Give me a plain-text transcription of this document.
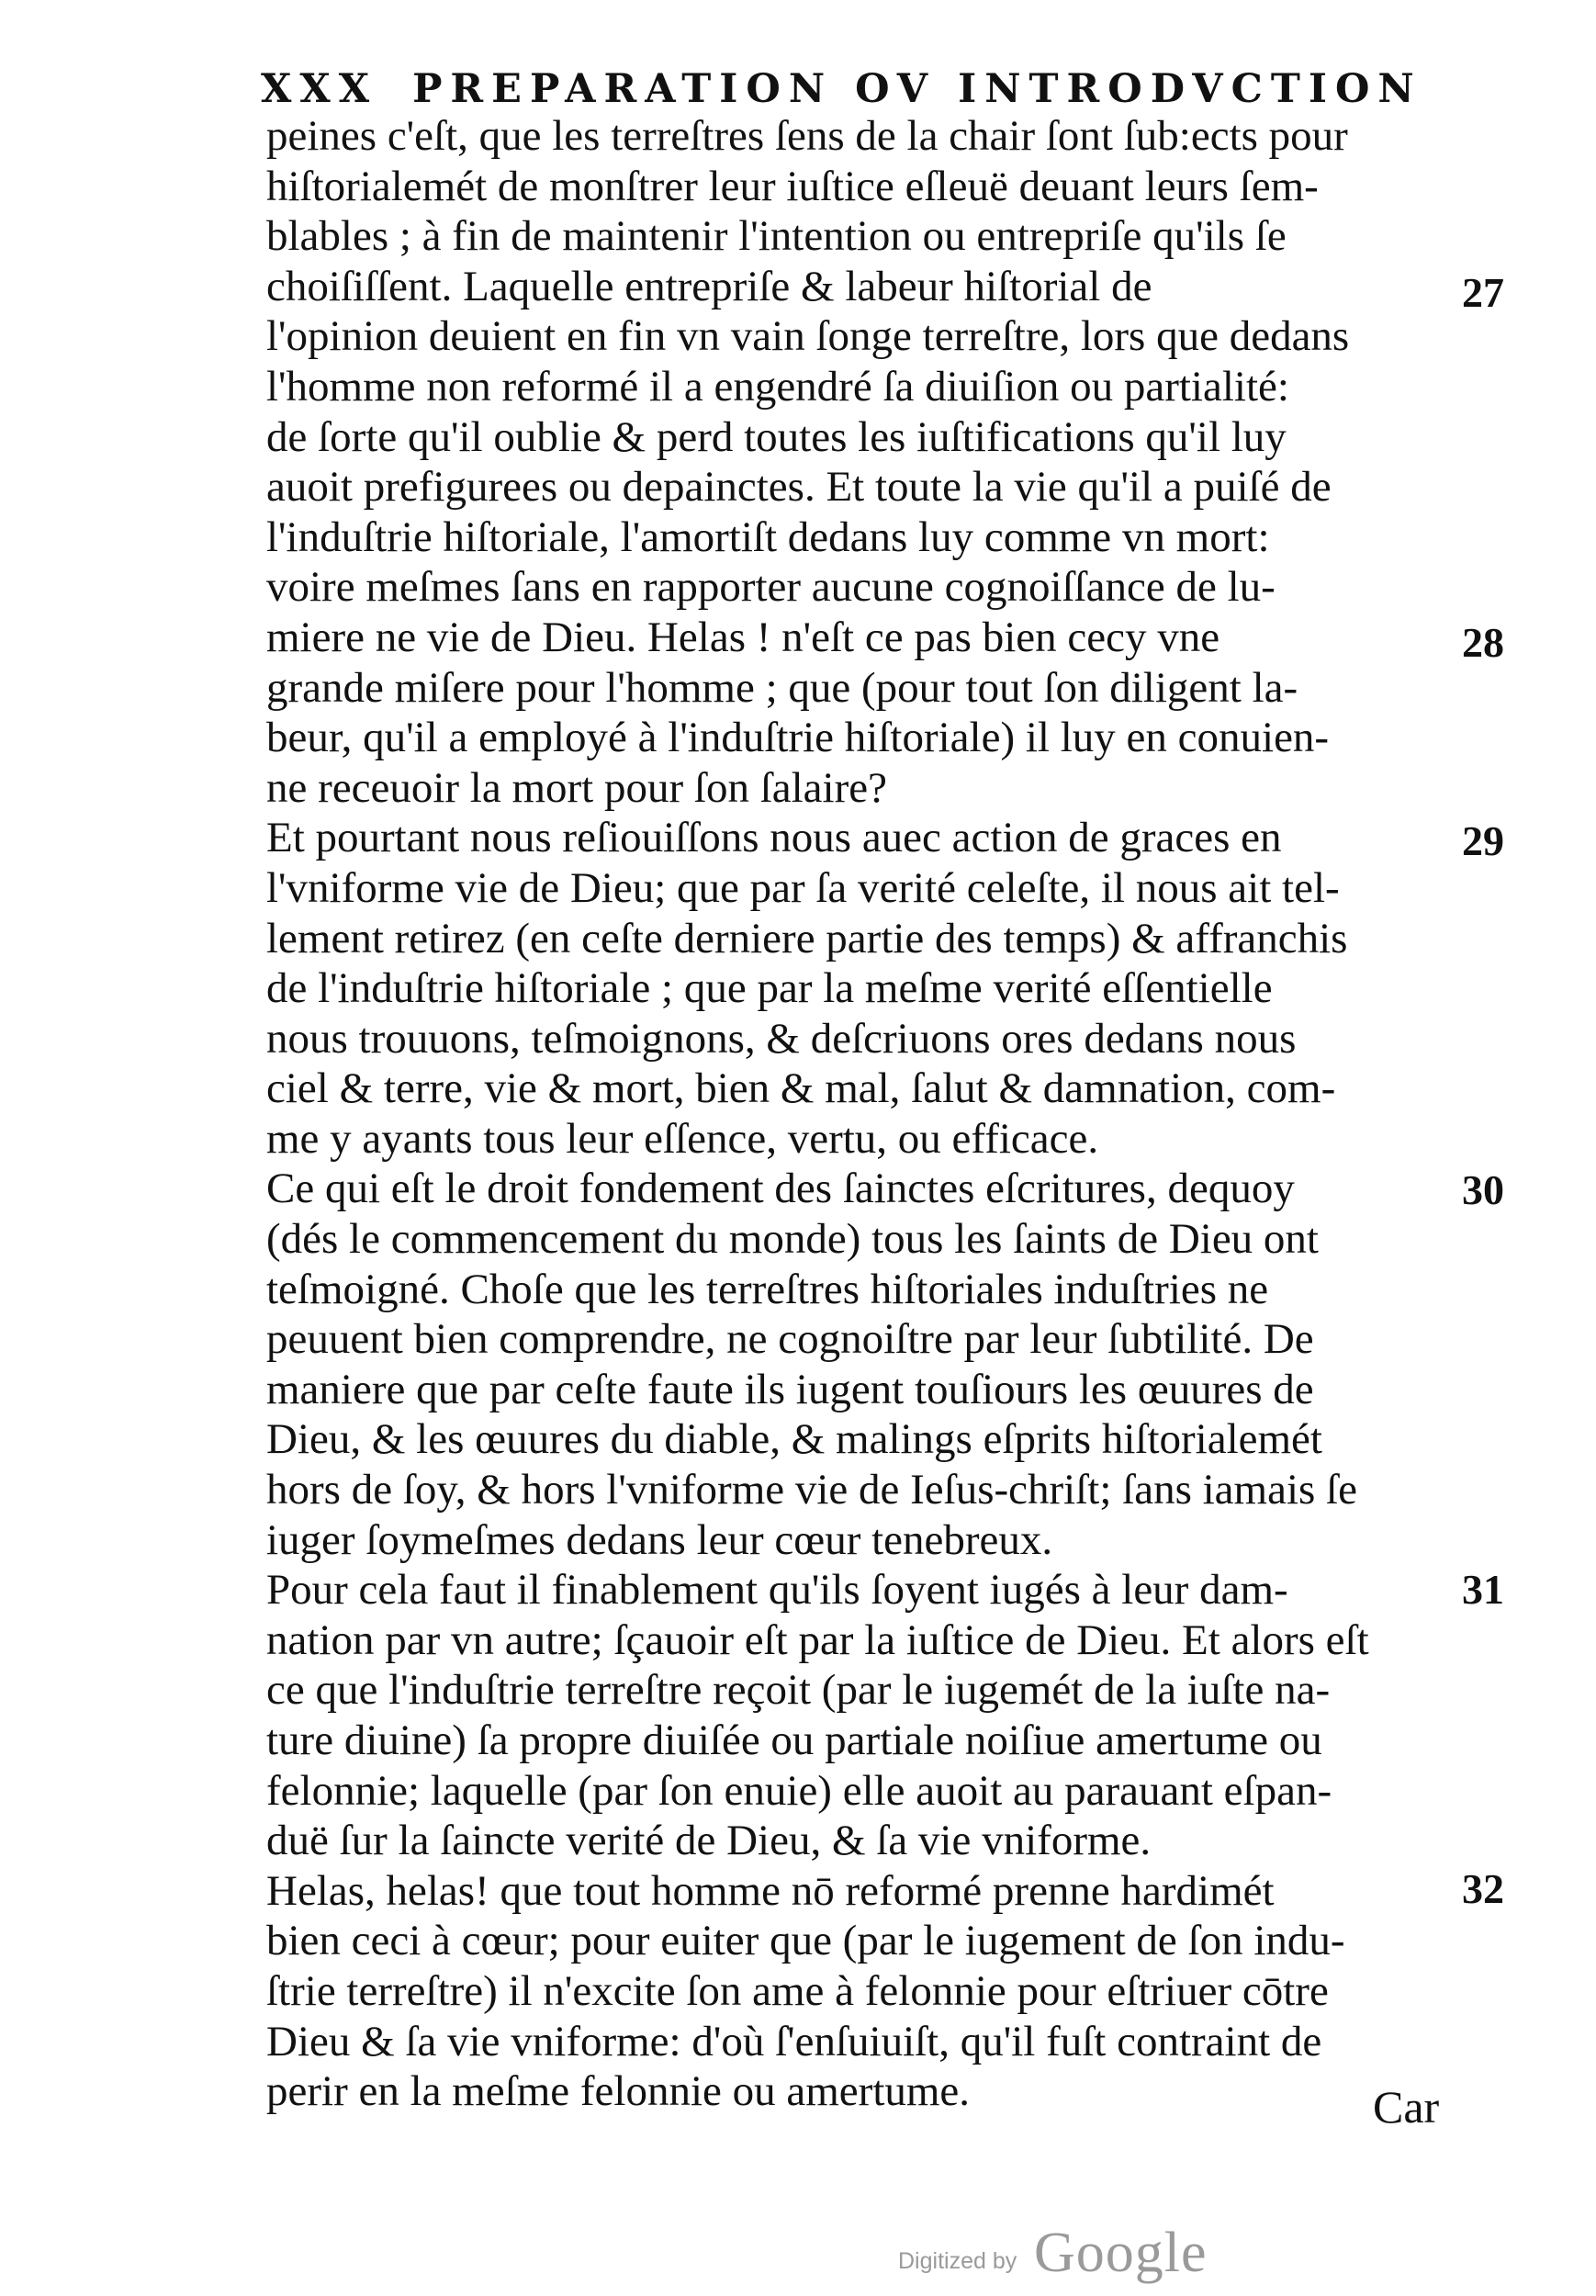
XXX PREPARATION OV INTRODVCTION
peines c'eſt, que les terreſtres ſens de la chair ſont ſub:ects pour
hiſtorialemét de monſtrer leur iuſtice eſleuë deuant leurs ſem-
blables ; à fin de maintenir l'intention ou entrepriſe qu'ils ſe
choiſiſſent. Laquelle entrepriſe & labeur hiſtorial de
l'opinion deuient en fin vn vain ſonge terreſtre, lors que dedans
l'homme non reformé il a engendré ſa diuiſion ou partialité:
de ſorte qu'il oublie & perd toutes les iuſtifications qu'il luy
auoit prefigurees ou depainctes. Et toute la vie qu'il a puiſé de
l'induſtrie hiſtoriale, l'amortiſt dedans luy comme vn mort:
voire meſmes ſans en rapporter aucune cognoiſſance de lu-
miere ne vie de Dieu. Helas ! n'eſt ce pas bien cecy vne
grande miſere pour l'homme ; que (pour tout ſon diligent la-
beur, qu'il a employé à l'induſtrie hiſtoriale) il luy en conuien-
ne receuoir la mort pour ſon ſalaire?
Et pourtant nous reſiouiſſons nous auec action de graces en
l'vniforme vie de Dieu; que par ſa verité celeſte, il nous ait tel-
lement retirez (en ceſte derniere partie des temps) & affranchis
de l'induſtrie hiſtoriale ; que par la meſme verité eſſentielle
nous trouuons, teſmoignons, & deſcriuons ores dedans nous
ciel & terre, vie & mort, bien & mal, ſalut & damnation, com-
me y ayants tous leur eſſence, vertu, ou efficace.
Ce qui eſt le droit fondement des ſainctes eſcritures, dequoy
(dés le commencement du monde) tous les ſaints de Dieu ont
teſmoigné. Choſe que les terreſtres hiſtoriales induſtries ne
peuuent bien comprendre, ne cognoiſtre par leur ſubtilité. De
maniere que par ceſte faute ils iugent touſiours les œuures de
Dieu, & les œuures du diable, & malings eſprits hiſtorialemét
hors de ſoy, & hors l'vniforme vie de Ieſus-chriſt; ſans iamais ſe
iuger ſoymeſmes dedans leur cœur tenebreux.
Pour cela faut il finablement qu'ils ſoyent iugés à leur dam-
nation par vn autre; ſçauoir eſt par la iuſtice de Dieu. Et alors eſt
ce que l'induſtrie terreſtre reçoit (par le iugemét de la iuſte na-
ture diuine) ſa propre diuiſée ou partiale noiſiue amertume ou
felonnie; laquelle (par ſon enuie) elle auoit au parauant eſpan-
duë ſur la ſaincte verité de Dieu, & ſa vie vniforme.
Helas, helas! que tout homme nō reformé prenne hardimét
bien ceci à cœur; pour euiter que (par le iugement de ſon indu-
ſtrie terreſtre) il n'excite ſon ame à felonnie pour eſtriuer cōtre
Dieu & ſa vie vniforme: d'où ſ'enſuiuiſt, qu'il fuſt contraint de
perir en la meſme felonnie ou amertume.
27
28
29
30
31
32
Car
Digitized by Google
